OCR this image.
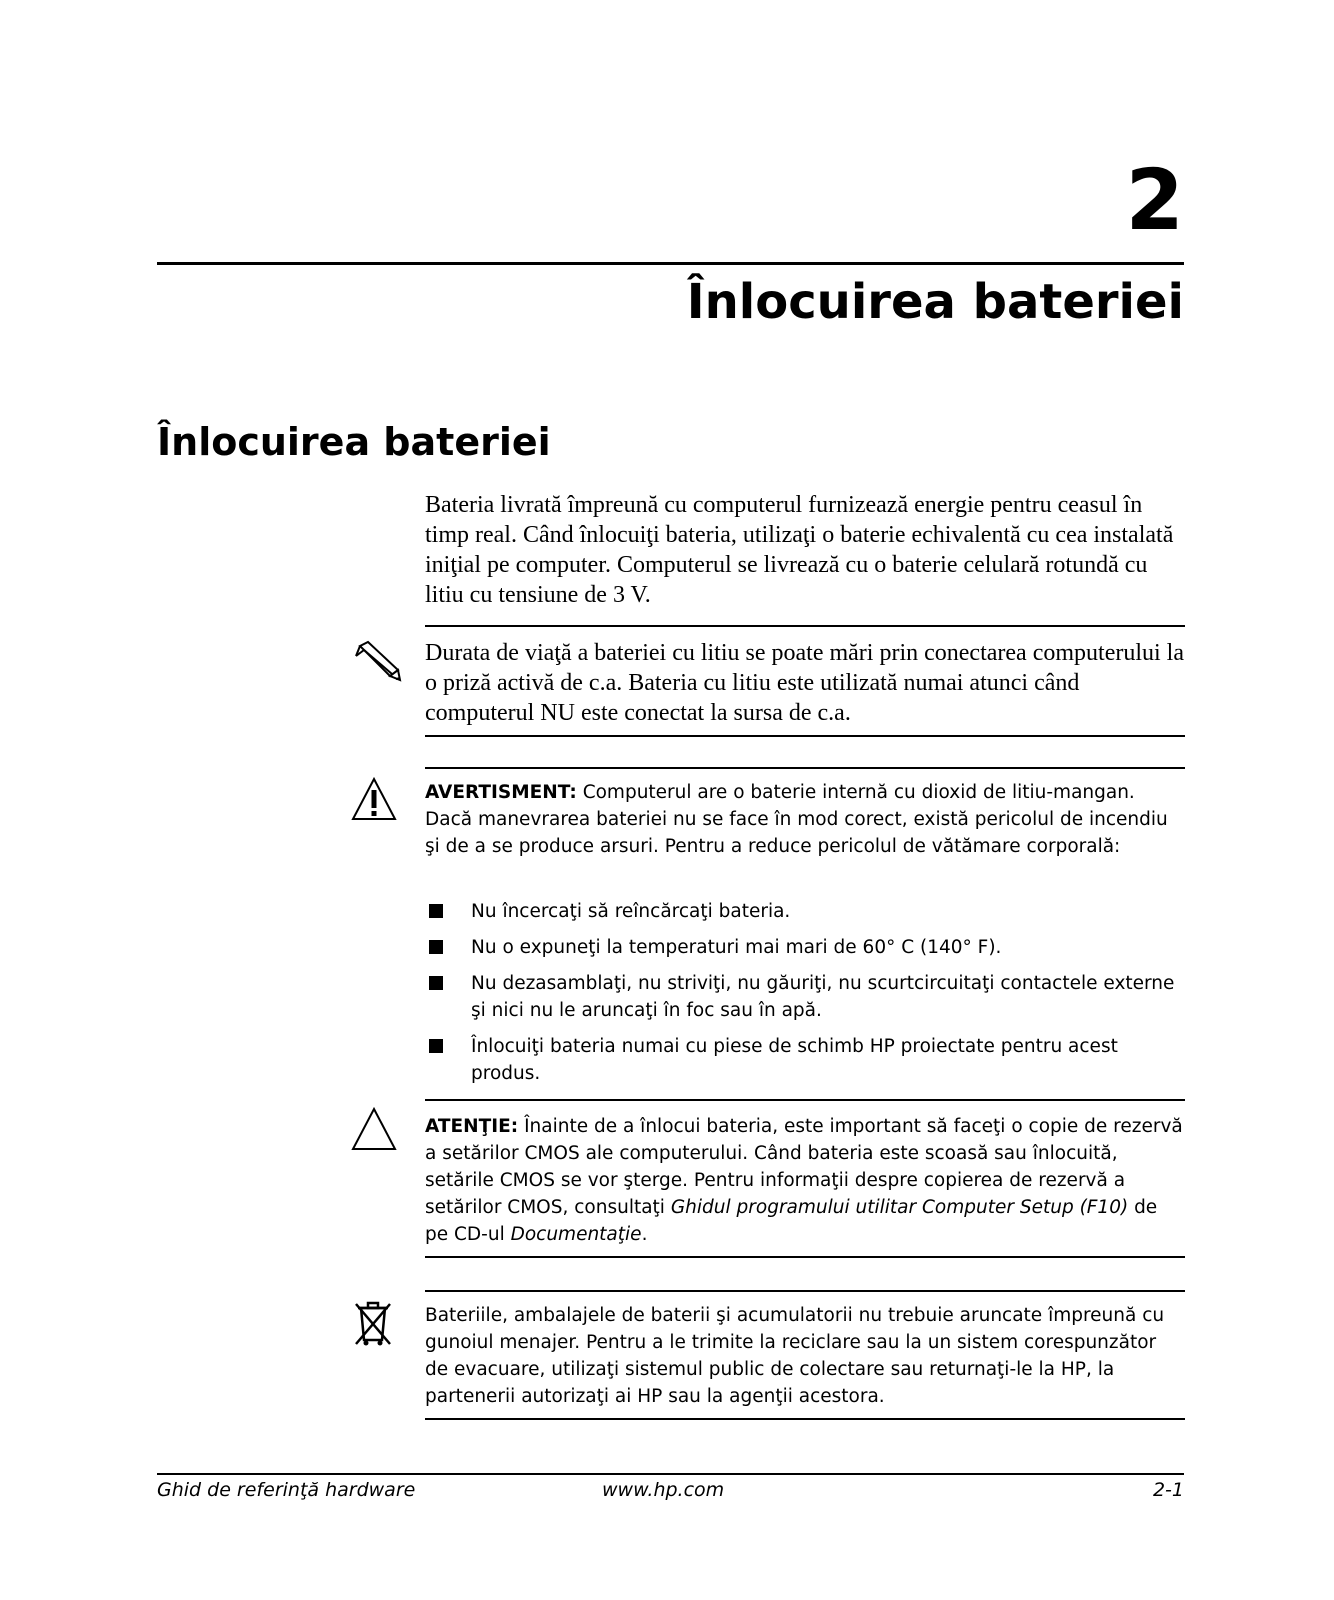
2
Înlocuirea bateriei
Înlocuirea bateriei

Bateria livrată împreună cu computerul furnizează energie pentru ceasul în timp real. Când înlocuiţi bateria, utilizaţi o baterie echivalentă cu cea instalată iniţial pe computer. Computerul se livrează cu o baterie celulară rotundă cu litiu cu tensiune de 3 V.

Durata de viaţă a bateriei cu litiu se poate mări prin conectarea computerului la o priză activă de c.a. Bateria cu litiu este utilizată numai atunci când computerul NU este conectat la sursa de c.a.

AVERTISMENT: Computerul are o baterie internă cu dioxid de litiu-mangan. Dacă manevrarea bateriei nu se face în mod corect, există pericolul de incendiu şi de a se produce arsuri. Pentru a reduce pericolul de vătămare corporală:

Nu încercaţi să reîncărcaţi bateria.
Nu o expuneţi la temperaturi mai mari de 60° C (140° F).
Nu dezasamblaţi, nu striviţi, nu găuriţi, nu scurtcircuitaţi contactele externe şi nici nu le aruncaţi în foc sau în apă.
Înlocuiţi bateria numai cu piese de schimb HP proiectate pentru acest produs.

ATENŢIE: Înainte de a înlocui bateria, este important să faceţi o copie de rezervă a setărilor CMOS ale computerului. Când bateria este scoasă sau înlocuită, setările CMOS se vor şterge. Pentru informaţii despre copierea de rezervă a setărilor CMOS, consultaţi Ghidul programului utilitar Computer Setup (F10) de pe CD-ul Documentaţie.

Bateriile, ambalajele de baterii şi acumulatorii nu trebuie aruncate împreună cu gunoiul menajer. Pentru a le trimite la reciclare sau la un sistem corespunzător de evacuare, utilizaţi sistemul public de colectare sau returnaţi-le la HP, la partenerii autorizaţi ai HP sau la agenţii acestora.

Ghid de referinţă hardware	www.hp.com	2-1
